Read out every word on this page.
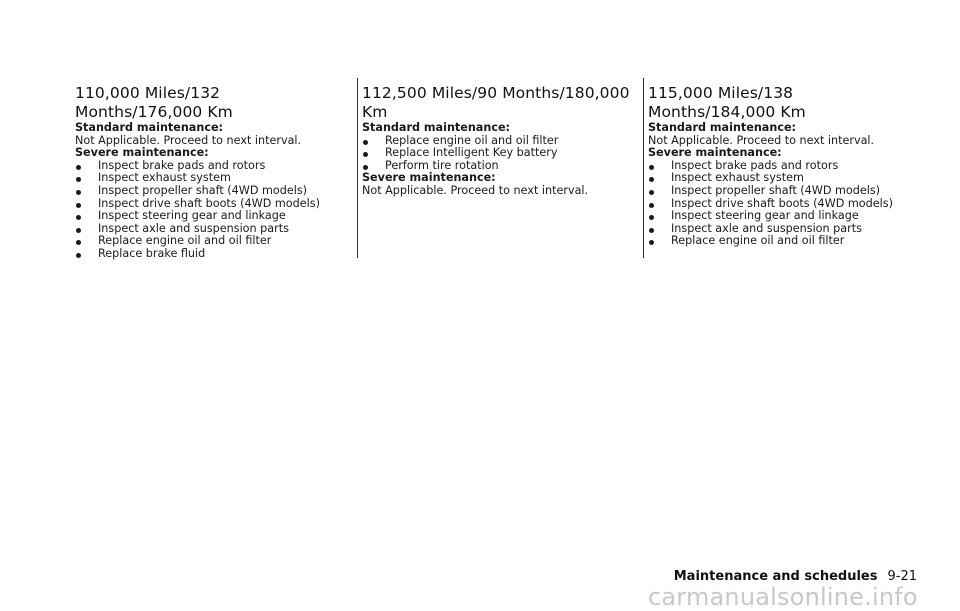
110,000 Miles/132 Months/176,000 Km
Standard maintenance:
Not Applicable. Proceed to next interval.
Severe maintenance:
Inspect brake pads and rotors
Inspect exhaust system
Inspect propeller shaft (4WD models)
Inspect drive shaft boots (4WD models)
Inspect steering gear and linkage
Inspect axle and suspension parts
Replace engine oil and oil filter
Replace brake fluid
112,500 Miles/90 Months/180,000 Km
Standard maintenance:
Replace engine oil and oil filter
Replace Intelligent Key battery
Perform tire rotation
Severe maintenance:
Not Applicable. Proceed to next interval.
115,000 Miles/138 Months/184,000 Km
Standard maintenance:
Not Applicable. Proceed to next interval.
Severe maintenance:
Inspect brake pads and rotors
Inspect exhaust system
Inspect propeller shaft (4WD models)
Inspect drive shaft boots (4WD models)
Inspect steering gear and linkage
Inspect axle and suspension parts
Replace engine oil and oil filter
Maintenance and schedules 9-21
carmanualsonline.info
